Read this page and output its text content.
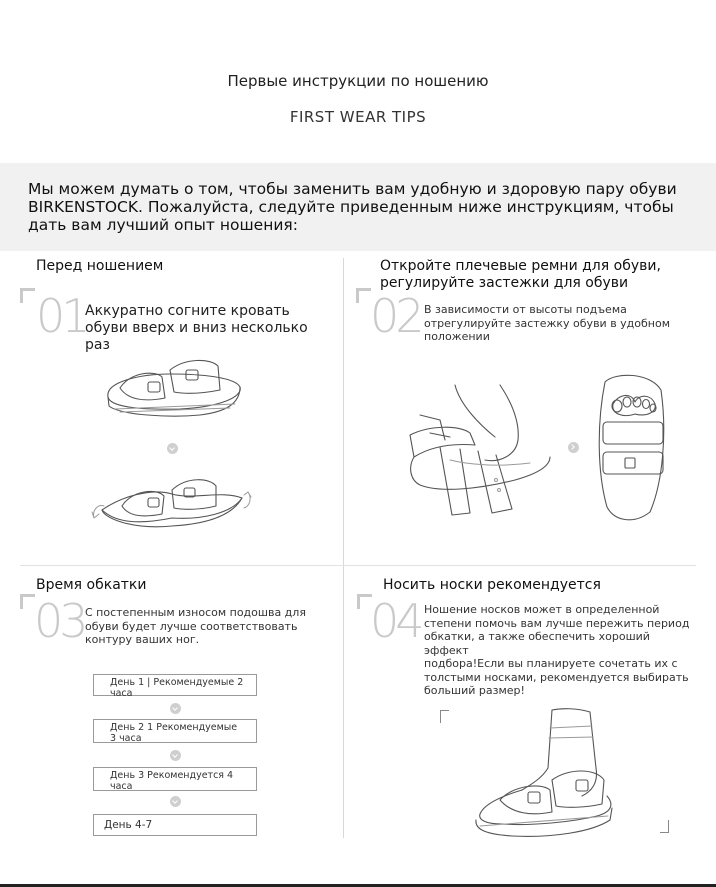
Первые инструкции по ношению
FIRST WEAR TIPS
Мы можем думать о том, чтобы заменить вам удобную и здоровую пару обуви
BIRKENSTOCK. Пожалуйста, следуйте приведенным ниже инструкциям, чтобы
дать вам лучший опыт ношения:
Перед ношением
01
Аккуратно согните кровать
обуви вверх и вниз несколько
раз
Откройте плечевые ремни для обуви,
регулируйте застежки для обуви
02 В зависимости от высоты подъема
отрегулируйте застежку обуви в удобном
положении
Время обкатки
03 С постепенным износом подошва для
обуви будет лучше соответствовать
контуру ваших ног.
День 1 | Рекомендуемые 2
часа
День 2 1 Рекомендуемые
3 часа
День 3 Рекомендуется 4
часа
День 4-7
Носить носки рекомендуется
04 Ношение носков может в определенной
степени помочь вам лучше пережить период
обкатки, а также обеспечить хороший эффект
подбора!Если вы планируете сочетать их с
толстыми носками, рекомендуется выбирать
больший размер!
